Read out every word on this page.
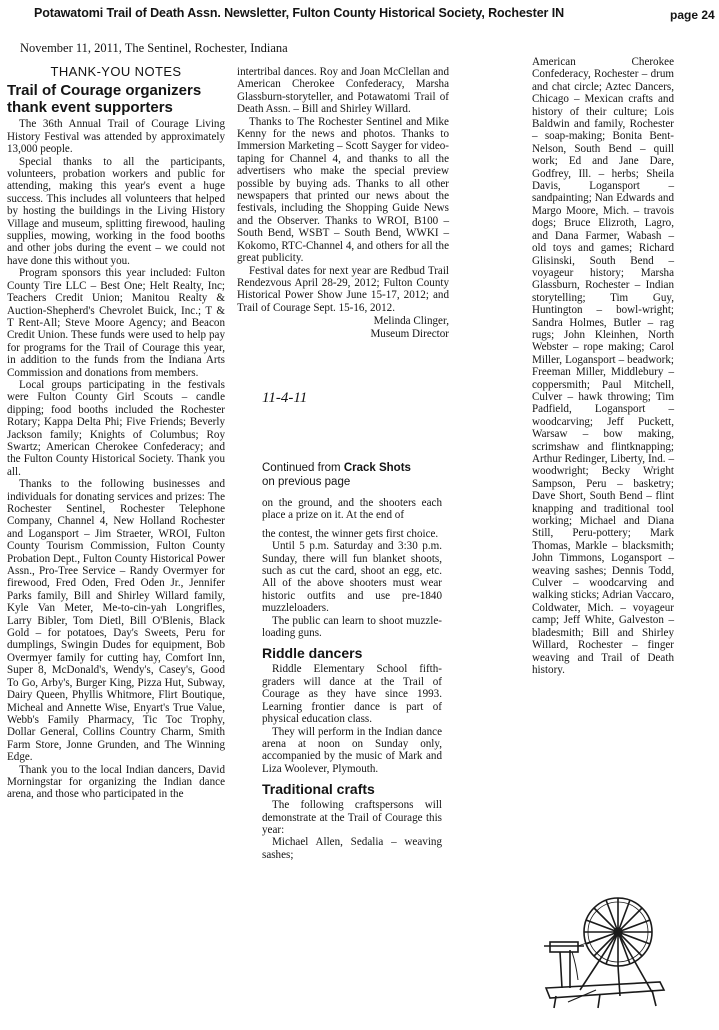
Potawatomi Trail of Death Assn. Newsletter, Fulton County Historical Society, Rochester IN	page 24
November 11, 2011, The Sentinel, Rochester, Indiana
THANK-YOU NOTES
Trail of Courage organizers thank event supporters

The 36th Annual Trail of Courage Living History Festival was attended by approximately 13,000 people.

Special thanks to all the participants, volunteers, probation workers and public for attending, making this year's event a huge success. This includes all volunteers that helped by hosting the buildings in the Living History Village and museum, splitting firewood, hauling supplies, mowing, working in the food booths and other jobs during the event – we could not have done this without you.

Program sponsors this year included: Fulton County Tire LLC – Best One; Helt Realty, Inc; Teachers Credit Union; Manitou Realty & Auction-Shepherd's Chevrolet Buick, Inc.; T & T Rent-All; Steve Moore Agency; and Beacon Credit Union. These funds were used to help pay for programs for the Trail of Courage this year, in addition to the funds from the Indiana Arts Commission and donations from members.

Local groups participating in the festivals were Fulton County Girl Scouts – candle dipping; food booths included the Rochester Rotary; Kappa Delta Phi; Five Friends; Beverly Jackson family; Knights of Columbus; Roy Swartz; American Cherokee Confederacy; and the Fulton County Historical Society. Thank you all.

Thanks to the following businesses and individuals for donating services and prizes: The Rochester Sentinel, Rochester Telephone Company, Channel 4, New Holland Rochester and Logansport – Jim Straeter, WROI, Fulton County Tourism Commission, Fulton County Probation Dept., Fulton County Historical Power Assn., Pro-Tree Service – Randy Overmyer for firewood, Fred Oden, Fred Oden Jr., Jennifer Parks family, Bill and Shirley Willard family, Kyle Van Meter, Me-to-cin-yah Longrifles, Larry Bibler, Tom Dietl, Bill O'Blenis, Black Gold – for potatoes, Day's Sweets, Peru for dumplings, Swingin Dudes for equipment, Bob Overmyer family for cutting hay, Comfort Inn, Super 8, McDonald's, Wendy's, Casey's, Good To Go, Arby's, Burger King, Pizza Hut, Subway, Dairy Queen, Phyllis Whitmore, Flirt Boutique, Micheal and Annette Wise, Enyart's True Value, Webb's Family Pharmacy, Tic Toc Trophy, Dollar General, Collins Country Charm, Smith Farm Store, Jonne Grunden, and The Winning Edge.

Thank you to the local Indian dancers, David Morningstar for organizing the Indian dance arena, and those who participated in the

intertribal dances. Roy and Joan McClellan and American Cherokee Confederacy, Marsha Glassburn-storyteller, and Potawatomi Trail of Death Assn. – Bill and Shirley Willard.

Thanks to The Rochester Sentinel and Mike Kenny for the news and photos. Thanks to Immersion Marketing – Scott Sayger for video-taping for Channel 4, and thanks to all the advertisers who make the special preview possible by buying ads. Thanks to all other newspapers that printed our news about the festivals, including the Shopping Guide News and the Observer. Thanks to WROI, B100 – South Bend, WSBT – South Bend, WWKI – Kokomo, RTC-Channel 4, and others for all the great publicity.

Festival dates for next year are Redbud Trail Rendezvous April 28-29, 2012; Fulton County Historical Power Show June 15-17, 2012; and Trail of Courage Sept. 15-16, 2012.

Melinda Clinger,
Museum Director
11-4-11
Continued from Crack Shots
on previous page

on the ground, and the shooters each place a prize on it. At the end of

the contest, the winner gets first choice.

Until 5 p.m. Saturday and 3:30 p.m. Sunday, there will fun blanket shoots, such as cut the card, shoot an egg, etc. All of the above shooters must wear historic outfits and use pre-1840 muzzleloaders.

The public can learn to shoot muzzle-loading guns.

Riddle dancers

Riddle Elementary School fifth-graders will dance at the Trail of Courage as they have since 1993. Learning frontier dance is part of physical education class.

They will perform in the Indian dance arena at noon on Sunday only, accompanied by the music of Mark and Liza Woolever, Plymouth.

Traditional crafts

The following craftspersons will demonstrate at the Trail of Courage this year:

Michael Allen, Sedalia – weaving sashes;

American Cherokee Confederacy, Rochester – drum and chat circle; Aztec Dancers, Chicago – Mexican crafts and history of their culture; Lois Baldwin and family, Rochester – soap-making; Bonita Bent-Nelson, South Bend – quill work; Ed and Jane Dare, Godfrey, Ill. – herbs; Sheila Davis, Logansport – sandpainting; Nan Edwards and Margo Moore, Mich. – travois dogs; Bruce Elizroth, Lagro, and Dana Farmer, Wabash – old toys and games; Richard Glisinski, South Bend – voyageur history; Marsha Glassburn, Rochester – Indian storytelling; Tim Guy, Huntington – bowl-wright; Sandra Holmes, Butler – rag rugs; John Kleinhen, North Webster – rope making; Carol Miller, Logansport – beadwork; Freeman Miller, Middlebury – coppersmith; Paul Mitchell, Culver – hawk throwing; Tim Padfield, Logansport – woodcarving; Jeff Puckett, Warsaw – bow making, scrimshaw and flintknapping; Arthur Redinger, Liberty, Ind. – woodwright; Becky Wright Sampson, Peru – basketry; Dave Short, South Bend – flint knapping and traditional tool working; Michael and Diana Still, Peru-pottery; Mark Thomas, Markle – blacksmith; John Timmons, Logansport – weaving sashes; Dennis Todd, Culver – woodcarving and walking sticks; Adrian Vaccaro, Coldwater, Mich. – voyageur camp; Jeff White, Galveston – bladesmith; Bill and Shirley Willard, Rochester – finger weaving and Trail of Death history.
